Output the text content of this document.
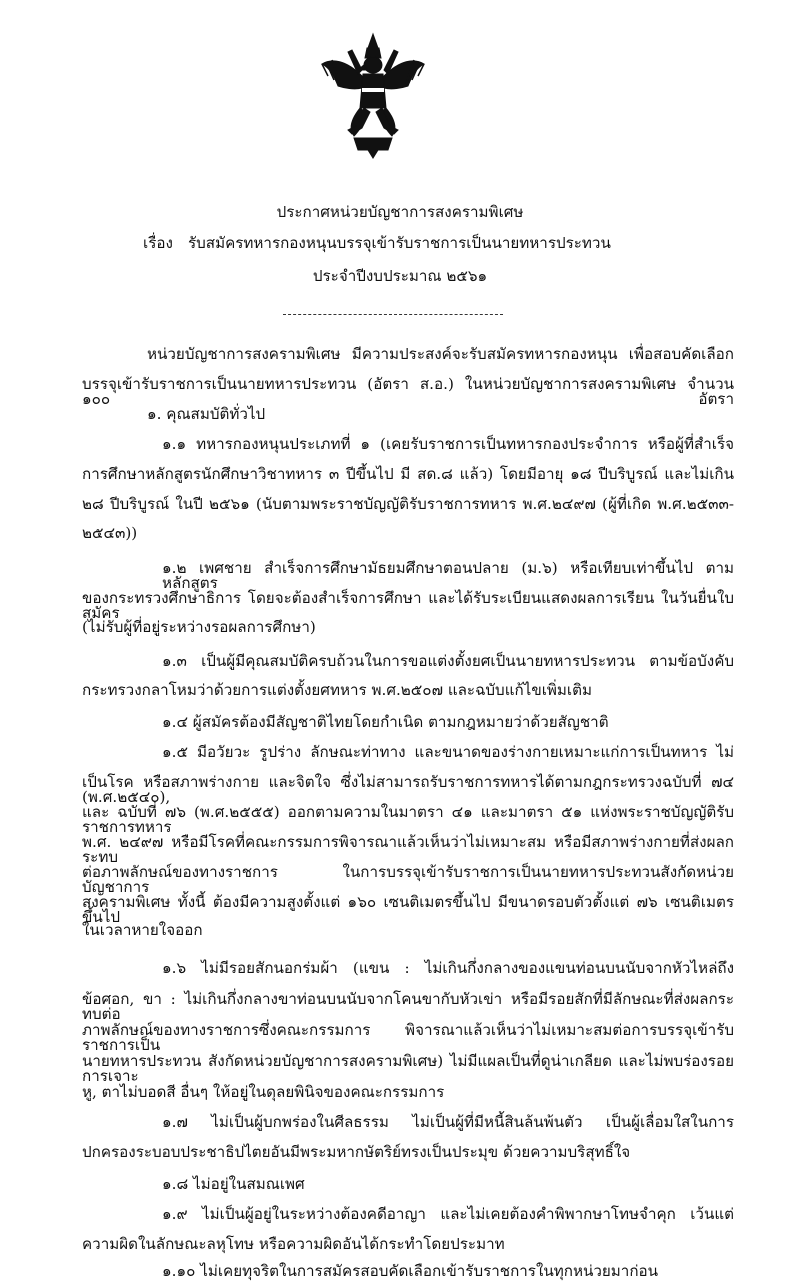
ประกาศหน่วยบัญชาการสงครามพิเศษ
เรื่อง รับสมัครทหารกองหนุนบรรจุเข้ารับราชการเป็นนายทหารประทวน
ประจำปีงบประมาณ ๒๕๖๑
หน่วยบัญชาการสงครามพิเศษ มีความประสงค์จะรับสมัครทหารกองหนุน เพื่อสอบคัดเลือก
บรรจุเข้ารับราชการเป็นนายทหารประทวน (อัตรา ส.อ.) ในหน่วยบัญชาการสงครามพิเศษ จำนวน ๑๐๐ อัตรา
๑. คุณสมบัติทั่วไป
๑.๑ ทหารกองหนุนประเภทที่ ๑ (เคยรับราชการเป็นทหารกองประจำการ หรือผู้ที่สำเร็จ
การศึกษาหลักสูตรนักศึกษาวิชาทหาร ๓ ปีขึ้นไป มี สด.๘ แล้ว) โดยมีอายุ ๑๘ ปีบริบูรณ์ และไม่เกิน
๒๘ ปีบริบูรณ์ ในปี ๒๕๖๑ (นับตามพระราชบัญญัติรับราชการทหาร พ.ศ.๒๔๙๗ (ผู้ที่เกิด พ.ศ.๒๕๓๓-
๒๕๔๓))
๑.๒ เพศชาย สำเร็จการศึกษามัธยมศึกษาตอนปลาย (ม.๖) หรือเทียบเท่าขึ้นไป ตามหลักสูตร
ของกระทรวงศึกษาธิการ โดยจะต้องสำเร็จการศึกษา และได้รับระเบียนแสดงผลการเรียน ในวันยื่นใบสมัคร
(ไม่รับผู้ที่อยู่ระหว่างรอผลการศึกษา)
๑.๓ เป็นผู้มีคุณสมบัติครบถ้วนในการขอแต่งตั้งยศเป็นนายทหารประทวน ตามข้อบังคับ
กระทรวงกลาโหมว่าด้วยการแต่งตั้งยศทหาร พ.ศ.๒๕๐๗ และฉบับแก้ไขเพิ่มเติม
๑.๔ ผู้สมัครต้องมีสัญชาติไทยโดยกำเนิด ตามกฎหมายว่าด้วยสัญชาติ
๑.๕ มีอวัยวะ รูปร่าง ลักษณะท่าทาง และขนาดของร่างกายเหมาะแก่การเป็นทหาร ไม่
เป็นโรค หรือสภาพร่างกาย และจิตใจ ซึ่งไม่สามารถรับราชการทหารได้ตามกฎกระทรวงฉบับที่ ๗๔ (พ.ศ.๒๕๔๐),
และ ฉบับที่ ๗๖ (พ.ศ.๒๕๕๕) ออกตามความในมาตรา ๔๑ และมาตรา ๕๑ แห่งพระราชบัญญัติรับราชการทหาร
พ.ศ. ๒๔๙๗ หรือมีโรคที่คณะกรรมการพิจารณาแล้วเห็นว่าไม่เหมาะสม หรือมีสภาพร่างกายที่ส่งผลกระทบ
ต่อภาพลักษณ์ของทางราชการ ในการบรรจุเข้ารับราชการเป็นนายทหารประทวนสังกัดหน่วยบัญชาการ
สงครามพิเศษ ทั้งนี้ ต้องมีความสูงตั้งแต่ ๑๖๐ เซนติเมตรขึ้นไป มีขนาดรอบตัวตั้งแต่ ๗๖ เซนติเมตรขึ้นไป
ในเวลาหายใจออก
๑.๖ ไม่มีรอยสักนอกร่มผ้า (แขน : ไม่เกินกึ่งกลางของแขนท่อนบนนับจากหัวไหล่ถึง
ข้อศอก, ขา : ไม่เกินกึ่งกลางขาท่อนบนนับจากโคนขากับหัวเข่า หรือมีรอยสักที่มีลักษณะที่ส่งผลกระทบต่อ
ภาพลักษณ์ของทางราชการซึ่งคณะกรรมการ พิจารณาแล้วเห็นว่าไม่เหมาะสมต่อการบรรจุเข้ารับราชการเป็น
นายทหารประทวน สังกัดหน่วยบัญชาการสงครามพิเศษ) ไม่มีแผลเป็นที่ดูน่าเกลียด และไม่พบร่องรอยการเจาะ
หู, ตาไม่บอดสี อื่นๆ ให้อยู่ในดุลยพินิจของคณะกรรมการ
๑.๗ ไม่เป็นผู้บกพร่องในศีลธรรม ไม่เป็นผู้ที่มีหนี้สินล้นพ้นตัว เป็นผู้เลื่อมใสในการ
ปกครองระบอบประชาธิปไตยอันมีพระมหากษัตริย์ทรงเป็นประมุข ด้วยความบริสุทธิ์ใจ
๑.๘ ไม่อยู่ในสมณเพศ
๑.๙ ไม่เป็นผู้อยู่ในระหว่างต้องคดีอาญา และไม่เคยต้องคำพิพากษาโทษจำคุก เว้นแต่
ความผิดในลักษณะลหุโทษ หรือความผิดอันได้กระทำโดยประมาท
๑.๑๐ ไม่เคยทุจริตในการสมัครสอบคัดเลือกเข้ารับราชการในทุกหน่วยมาก่อน
